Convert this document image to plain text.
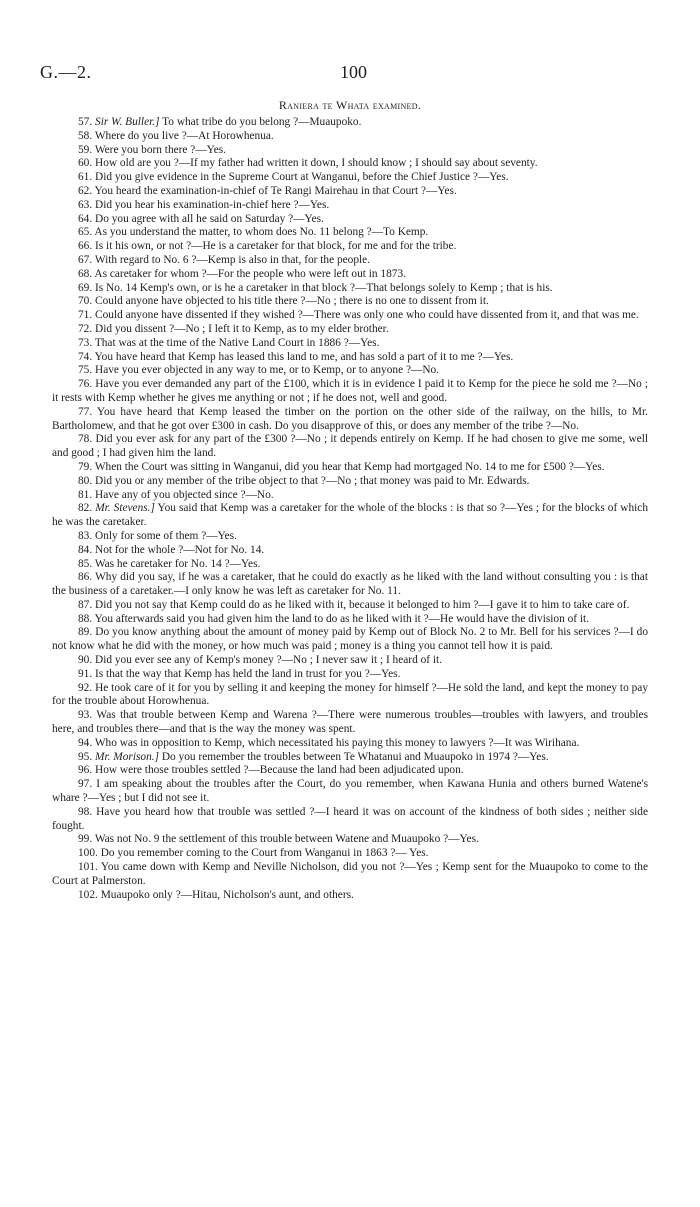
G.—2.	100
Raniera te Whata examined.

57. Sir W. Buller.] To what tribe do you belong ?—Muaupoko.

58. Where do you live ?—At Horowhenua.

59. Were you born there ?—Yes.

60. How old are you ?—If my father had written it down, I should know ; I should say about seventy.

61. Did you give evidence in the Supreme Court at Wanganui, before the Chief Justice ?—Yes.

62. You heard the examination-in-chief of Te Rangi Mairehau in that Court ?—Yes.

63. Did you hear his examination-in-chief here ?—Yes.

64. Do you agree with all he said on Saturday ?—Yes.

65. As you understand the matter, to whom does No. 11 belong ?—To Kemp.

66. Is it his own, or not ?—He is a caretaker for that block, for me and for the tribe.

67. With regard to No. 6 ?—Kemp is also in that, for the people.

68. As caretaker for whom ?—For the people who were left out in 1873.

69. Is No. 14 Kemp's own, or is he a caretaker in that block ?—That belongs solely to Kemp ; that is his.

70. Could anyone have objected to his title there ?—No ; there is no one to dissent from it.

71. Could anyone have dissented if they wished ?—There was only one who could have dissented from it, and that was me.

72. Did you dissent ?—No ; I left it to Kemp, as to my elder brother.

73. That was at the time of the Native Land Court in 1886 ?—Yes.

74. You have heard that Kemp has leased this land to me, and has sold a part of it to me ?—Yes.

75. Have you ever objected in any way to me, or to Kemp, or to anyone ?—No.

76. Have you ever demanded any part of the £100, which it is in evidence I paid it to Kemp for the piece he sold me ?—No ; it rests with Kemp whether he gives me anything or not ; if he does not, well and good.

77. You have heard that Kemp leased the timber on the portion on the other side of the railway, on the hills, to Mr. Bartholomew, and that he got over £300 in cash. Do you disapprove of this, or does any member of the tribe ?—No.

78. Did you ever ask for any part of the £300 ?—No ; it depends entirely on Kemp. If he had chosen to give me some, well and good ; I had given him the land.

79. When the Court was sitting in Wanganui, did you hear that Kemp had mortgaged No. 14 to me for £500 ?—Yes.

80. Did you or any member of the tribe object to that ?—No ; that money was paid to Mr. Edwards.

81. Have any of you objected since ?—No.

82. Mr. Stevens.] You said that Kemp was a caretaker for the whole of the blocks : is that so ?—Yes ; for the blocks of which he was the caretaker.

83. Only for some of them ?—Yes.

84. Not for the whole ?—Not for No. 14.

85. Was he caretaker for No. 14 ?—Yes.

86. Why did you say, if he was a caretaker, that he could do exactly as he liked with the land without consulting you : is that the business of a caretaker.—I only know he was left as caretaker for No. 11.

87. Did you not say that Kemp could do as he liked with it, because it belonged to him ?—I gave it to him to take care of.

88. You afterwards said you had given him the land to do as he liked with it ?—He would have the division of it.

89. Do you know anything about the amount of money paid by Kemp out of Block No. 2 to Mr. Bell for his services ?—I do not know what he did with the money, or how much was paid ; money is a thing you cannot tell how it is paid.

90. Did you ever see any of Kemp's money ?—No ; I never saw it ; I heard of it.

91. Is that the way that Kemp has held the land in trust for you ?—Yes.

92. He took care of it for you by selling it and keeping the money for himself ?—He sold the land, and kept the money to pay for the trouble about Horowhenua.

93. Was that trouble between Kemp and Warena ?—There were numerous troubles—troubles with lawyers, and troubles here, and troubles there—and that is the way the money was spent.

94. Who was in opposition to Kemp, which necessitated his paying this money to lawyers ?—It was Wirihana.

95. Mr. Morison.] Do you remember the troubles between Te Whatanui and Muaupoko in 1974 ?—Yes.

96. How were those troubles settled ?—Because the land had been adjudicated upon.

97. I am speaking about the troubles after the Court, do you remember, when Kawana Hunia and others burned Watene's whare ?—Yes ; but I did not see it.

98. Have you heard how that trouble was settled ?—I heard it was on account of the kindness of both sides ; neither side fought.

99. Was not No. 9 the settlement of this trouble between Watene and Muaupoko ?—Yes.

100. Do you remember coming to the Court from Wanganui in 1863 ?— Yes.

101. You came down with Kemp and Neville Nicholson, did you not ?—Yes ; Kemp sent for the Muaupoko to come to the Court at Palmerston.

102. Muaupoko only ?—Hitau, Nicholson's aunt, and others.
